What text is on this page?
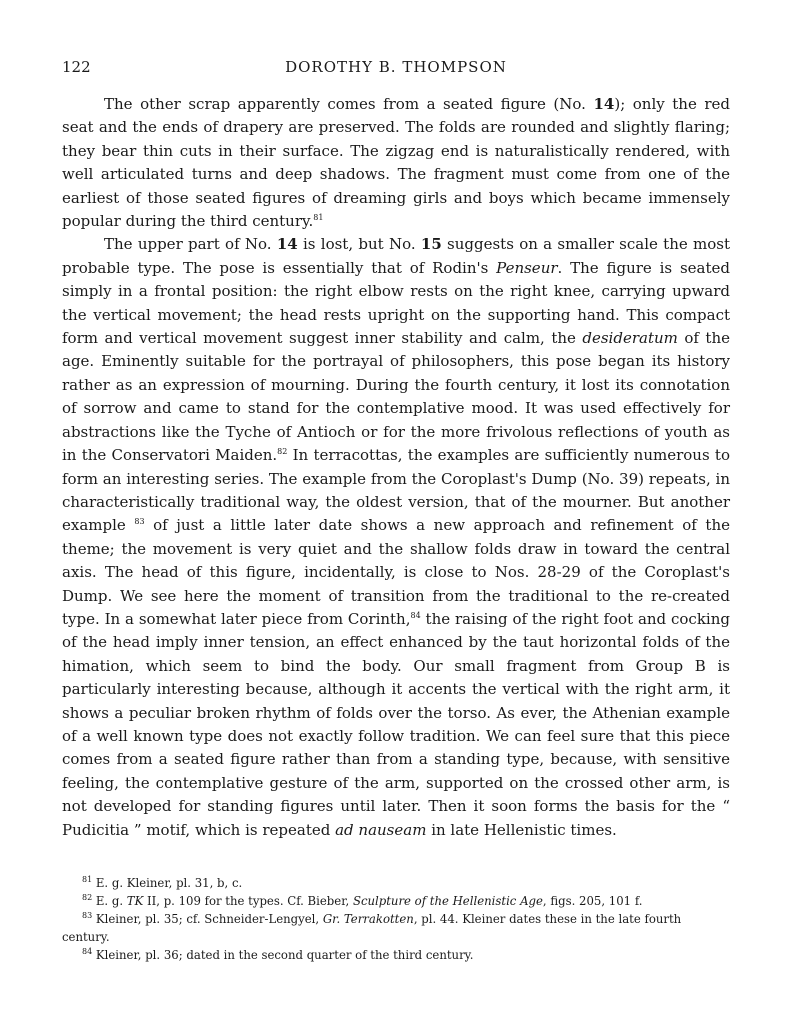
122	DOROTHY B. THOMPSON

The other scrap apparently comes from a seated figure (No. 14); only the red seat and the ends of drapery are preserved. The folds are rounded and slightly flaring; they bear thin cuts in their surface. The zigzag end is naturalistically rendered, with well articulated turns and deep shadows. The fragment must come from one of the earliest of those seated figures of dreaming girls and boys which became immensely popular during the third century.$^{81}$

The upper part of No. 14 is lost, but No. 15 suggests on a smaller scale the most probable type. The pose is essentially that of Rodin's Penseur. The figure is seated simply in a frontal position: the right elbow rests on the right knee, carrying upward the vertical movement; the head rests upright on the supporting hand. This compact form and vertical movement suggest inner stability and calm, the desideratum of the age. Eminently suitable for the portrayal of philosophers, this pose began its history rather as an expression of mourning. During the fourth century, it lost its connotation of sorrow and came to stand for the contemplative mood. It was used effectively for abstractions like the Tyche of Antioch or for the more frivolous reflections of youth as in the Conservatori Maiden.$^{82}$ In terracottas, the examples are sufficiently numerous to form an interesting series. The example from the Coroplast's Dump (No. 39) repeats, in characteristically traditional way, the oldest version, that of the mourner. But another example $^{83}$ of just a little later date shows a new approach and refinement of the theme; the movement is very quiet and the shallow folds draw in toward the central axis. The head of this figure, incidentally, is close to Nos. 28-29 of the Coroplast's Dump. We see here the moment of transition from the traditional to the re-created type. In a somewhat later piece from Corinth,$^{84}$ the raising of the right foot and cocking of the head imply inner tension, an effect enhanced by the taut horizontal folds of the himation, which seem to bind the body. Our small fragment from Group B is particularly interesting because, although it accents the vertical with the right arm, it shows a peculiar broken rhythm of folds over the torso. As ever, the Athenian example of a well known type does not exactly follow tradition. We can feel sure that this piece comes from a seated figure rather than from a standing type, because, with sensitive feeling, the contemplative gesture of the arm, supported on the crossed other arm, is not developed for standing figures until later. Then it soon forms the basis for the “ Pudicitia ” motif, which is repeated ad nauseam in late Hellenistic times.

$^{81}$ E. g. Kleiner, pl. 31, b, c.

$^{82}$ E. g. TK II, p. 109 for the types. Cf. Bieber, Sculpture of the Hellenistic Age, figs. 205, 101 f.

$^{83}$ Kleiner, pl. 35; cf. Schneider-Lengyel, Gr. Terrakotten, pl. 44. Kleiner dates these in the late fourth century.

$^{84}$ Kleiner, pl. 36; dated in the second quarter of the third century.
